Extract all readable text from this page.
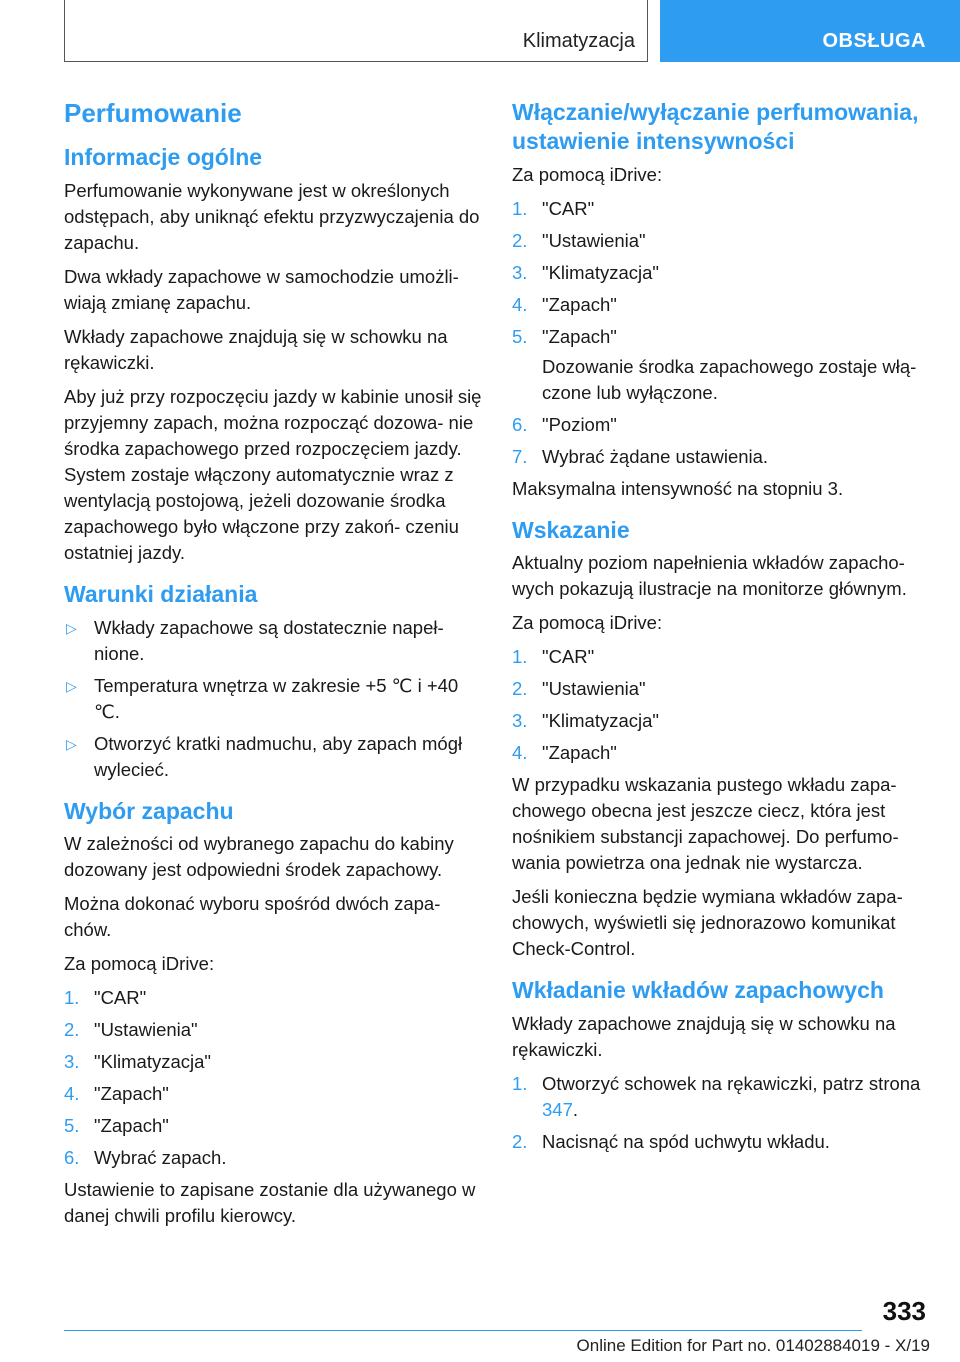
Klimatyzacja	OBSŁUGA
Perfumowanie
Informacje ogólne

Perfumowanie wykonywane jest w określonych odstępach, aby uniknąć efektu przyzwyczajenia do zapachu.

Dwa wkłady zapachowe w samochodzie umożli‐ wiają zmianę zapachu.

Wkłady zapachowe znajdują się w schowku na rękawiczki.

Aby już przy rozpoczęciu jazdy w kabinie unosił się przyjemny zapach, można rozpocząć dozowa‐ nie środka zapachowego przed rozpoczęciem jazdy. System zostaje włączony automatycznie wraz z wentylacją postojową, jeżeli dozowanie środka zapachowego było włączone przy zakoń‐ czeniu ostatniej jazdy.

Warunki działania
▷ Wkłady zapachowe są dostatecznie napeł‐ nione.
▷ Temperatura wnętrza w zakresie +5 ℃ i +40 ℃.
▷ Otworzyć kratki nadmuchu, aby zapach mógł wylecieć.
Wybór zapachu

W zależności od wybranego zapachu do kabiny dozowany jest odpowiedni środek zapachowy.

Można dokonać wyboru spośród dwóch zapa‐ chów.

Za pomocą iDrive:

1. "CAR"
2. "Ustawienia"
3. "Klimatyzacja"
4. "Zapach"
5. "Zapach"
6. Wybrać zapach.

Ustawienie to zapisane zostanie dla używanego w danej chwili profilu kierowcy.

Włączanie/wyłączanie perfumowania, ustawienie intensywności

Za pomocą iDrive:

1. "CAR"
2. "Ustawienia"
3. "Klimatyzacja"
4. "Zapach"
5. "Zapach"
Dozowanie środka zapachowego zostaje włą‐ czone lub wyłączone.
6. "Poziom"
7. Wybrać żądane ustawienia.

Maksymalna intensywność na stopniu 3.

Wskazanie

Aktualny poziom napełnienia wkładów zapacho‐ wych pokazują ilustracje na monitorze głównym.

Za pomocą iDrive:

1. "CAR"
2. "Ustawienia"
3. "Klimatyzacja"
4. "Zapach"

W przypadku wskazania pustego wkładu zapa‐ chowego obecna jest jeszcze ciecz, która jest nośnikiem substancji zapachowej. Do perfumo‐ wania powietrza ona jednak nie wystarcza.

Jeśli konieczna będzie wymiana wkładów zapa‐ chowych, wyświetli się jednorazowo komunikat Check-Control.

Wkładanie wkładów zapachowych

Wkłady zapachowe znajdują się w schowku na rękawiczki.

1. Otworzyć schowek na rękawiczki, patrz strona 347.
2. Nacisnąć na spód uchwytu wkładu.
333
Online Edition for Part no. 01402884019 - X/19
